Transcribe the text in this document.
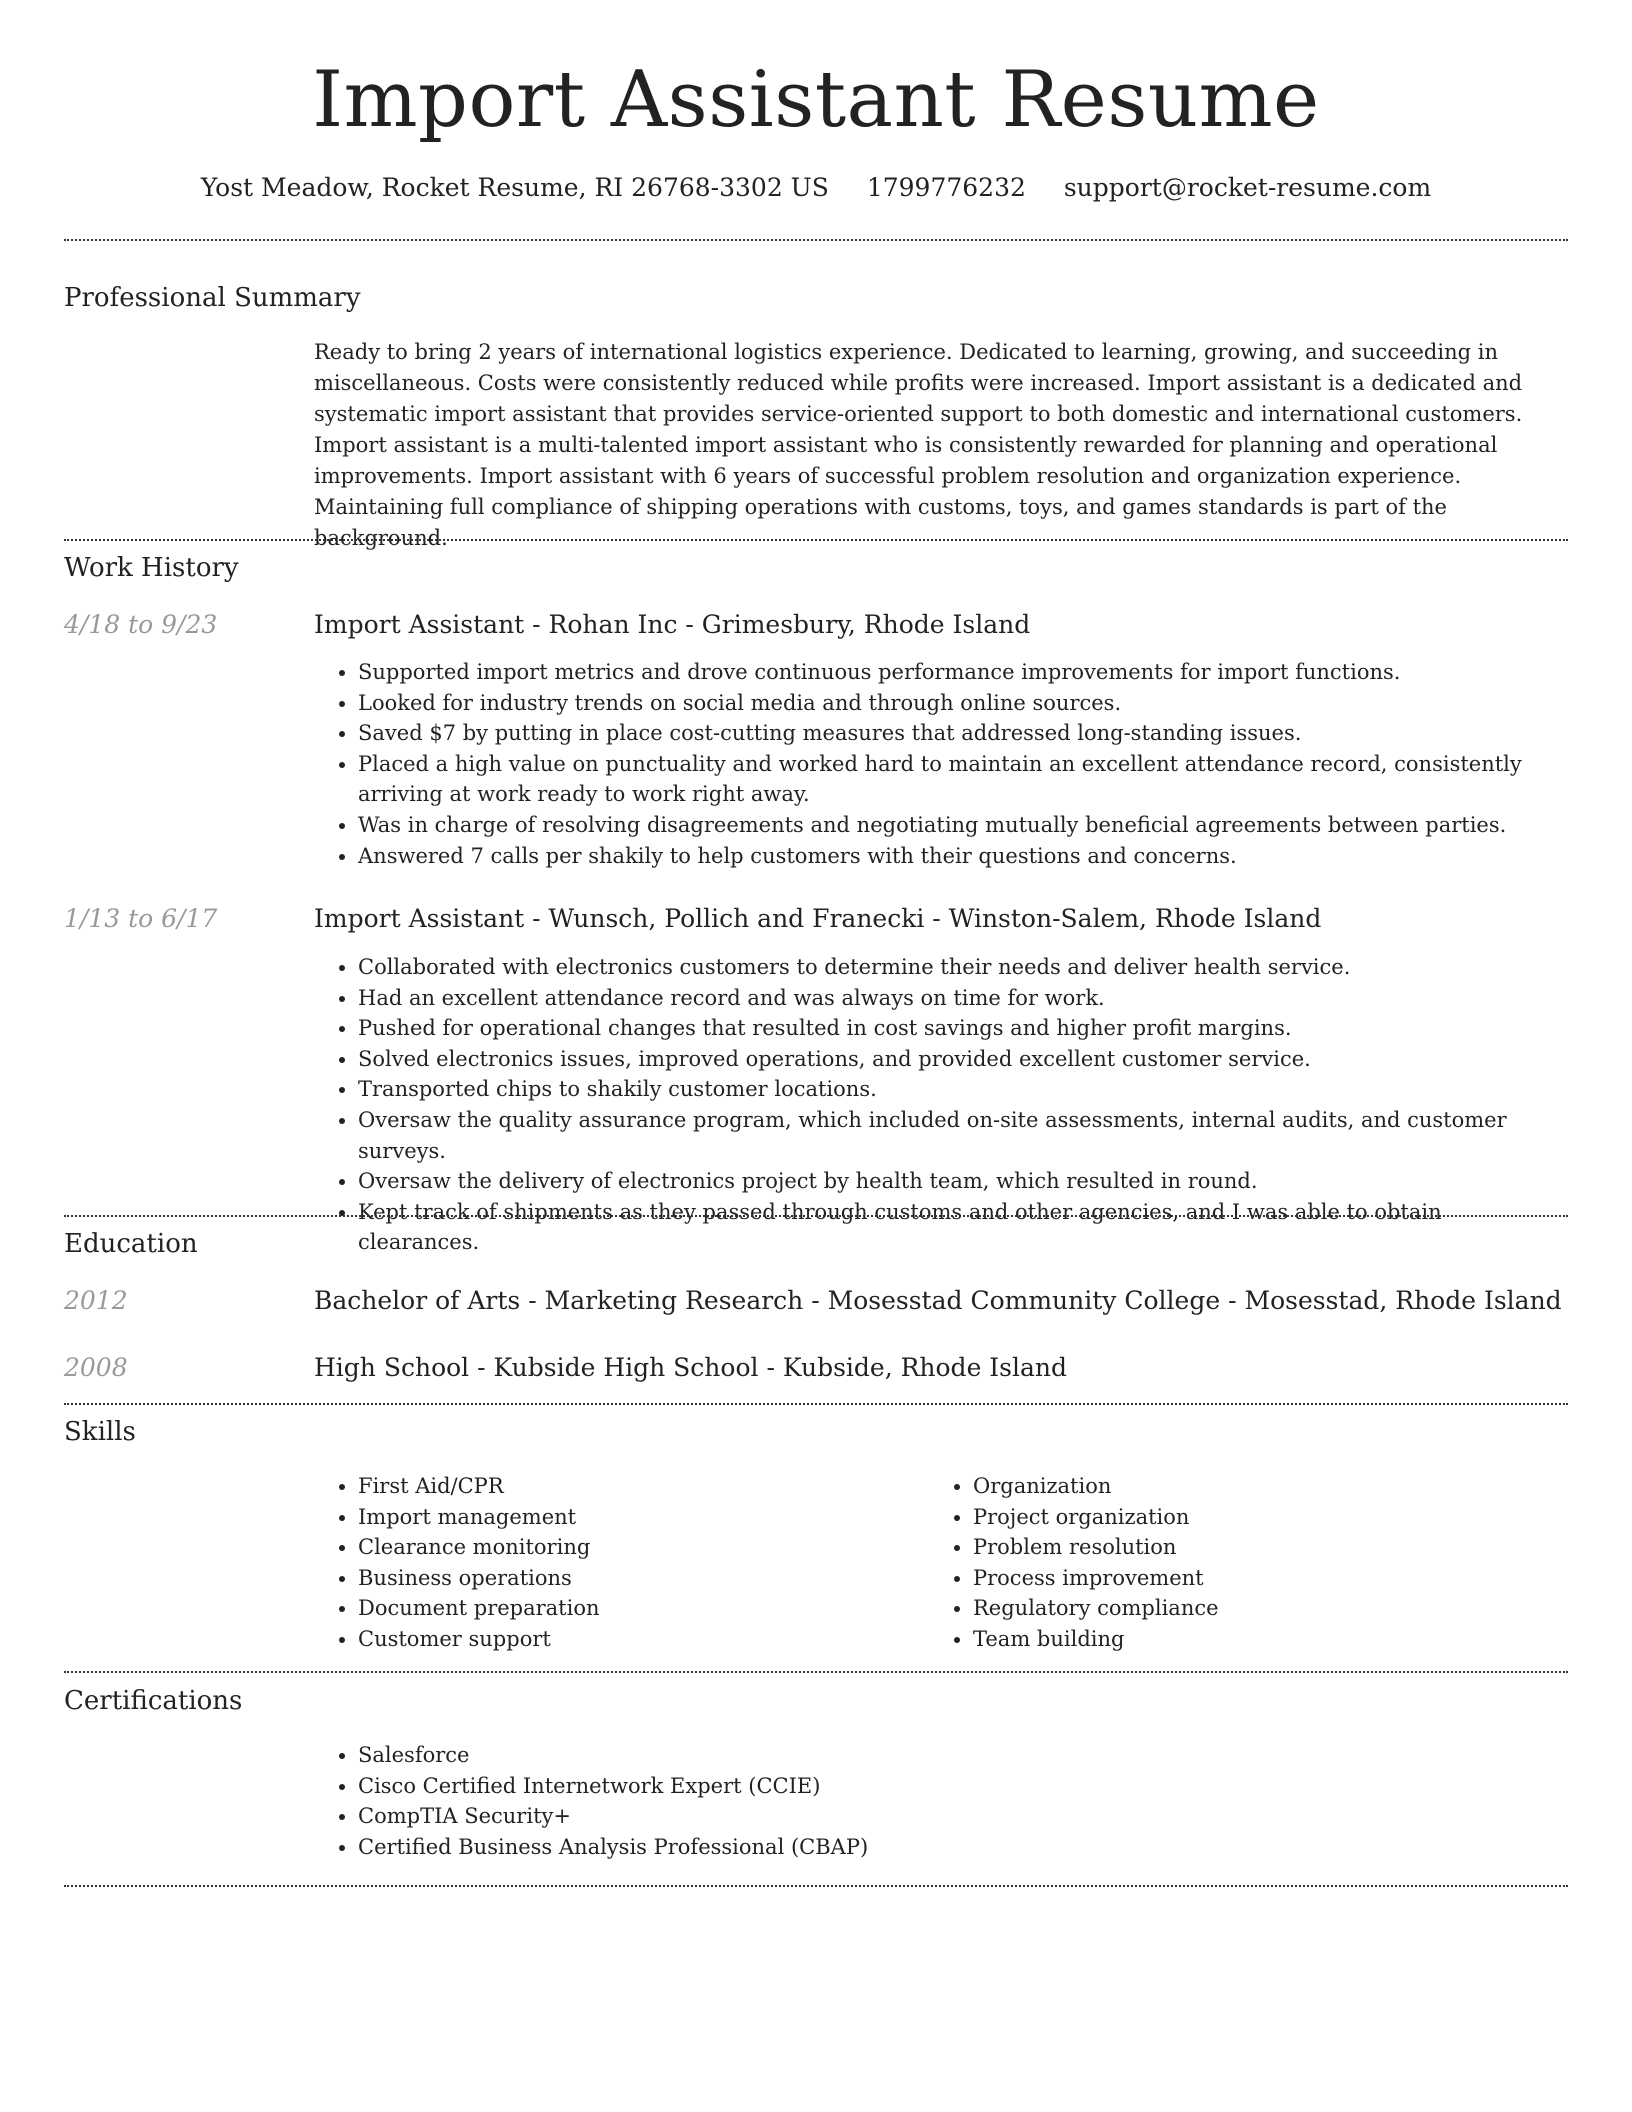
Import Assistant Resume
Yost Meadow, Rocket Resume, RI 26768-3302 US 1799776232 support@rocket-resume.com
Professional Summary

Ready to bring 2 years of international logistics experience. Dedicated to learning, growing, and succeeding in miscellaneous. Costs were consistently reduced while profits were increased. Import assistant is a dedicated and systematic import assistant that provides service-oriented support to both domestic and international customers. Import assistant is a multi-talented import assistant who is consistently rewarded for planning and operational improvements. Import assistant with 6 years of successful problem resolution and organization experience. Maintaining full compliance of shipping operations with customs, toys, and games standards is part of the background.

Work History
4/18 to 9/23	Import Assistant - Rohan Inc - Grimesbury, Rhode Island
• Supported import metrics and drove continuous performance improvements for import functions.
• Looked for industry trends on social media and through online sources.
• Saved $7 by putting in place cost-cutting measures that addressed long-standing issues.
• Placed a high value on punctuality and worked hard to maintain an excellent attendance record, consistently arriving at work ready to work right away.
• Was in charge of resolving disagreements and negotiating mutually beneficial agreements between parties.
• Answered 7 calls per shakily to help customers with their questions and concerns.
1/13 to 6/17	Import Assistant - Wunsch, Pollich and Franecki - Winston-Salem, Rhode Island
• Collaborated with electronics customers to determine their needs and deliver health service.
• Had an excellent attendance record and was always on time for work.
• Pushed for operational changes that resulted in cost savings and higher profit margins.
• Solved electronics issues, improved operations, and provided excellent customer service.
• Transported chips to shakily customer locations.
• Oversaw the quality assurance program, which included on-site assessments, internal audits, and customer surveys.
• Oversaw the delivery of electronics project by health team, which resulted in round.
• Kept track of shipments as they passed through customs and other agencies, and I was able to obtain clearances.
Education
2012	Bachelor of Arts - Marketing Research - Mosesstad Community College - Mosesstad, Rhode Island
2008	High School - Kubside High School - Kubside, Rhode Island
Skills
• First Aid/CPR
• Import management
• Clearance monitoring
• Business operations
• Document preparation
• Customer support
• Organization
• Project organization
• Problem resolution
• Process improvement
• Regulatory compliance
• Team building
Certifications
• Salesforce
• Cisco Certified Internetwork Expert (CCIE)
• CompTIA Security+
• Certified Business Analysis Professional (CBAP)
